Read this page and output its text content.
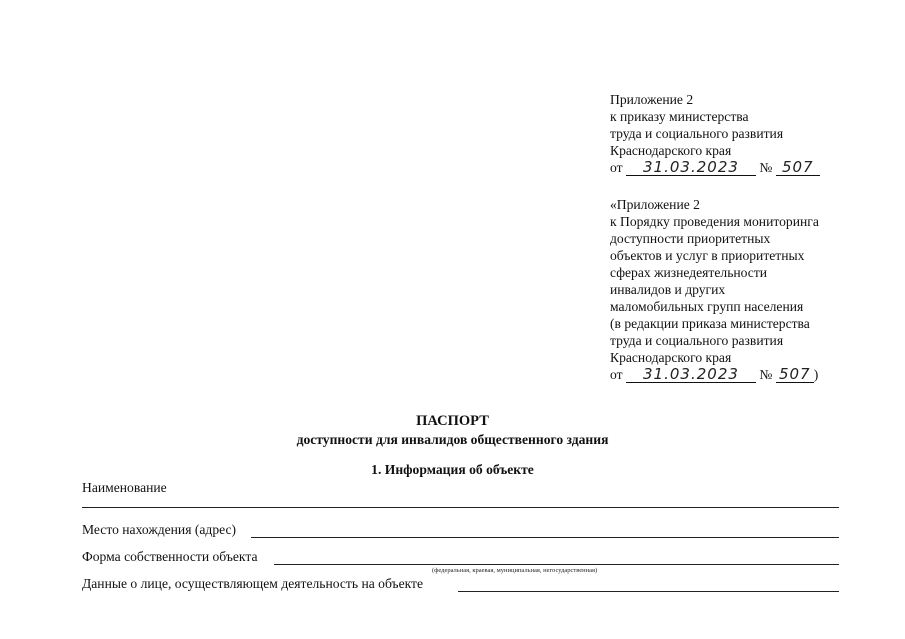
Приложение 2
к приказу министерства
труда и социального развития
Краснодарского края
от 31.03.2023 № 507
«Приложение 2
к Порядку проведения мониторинга
доступности приоритетных
объектов и услуг в приоритетных
сферах жизнедеятельности
инвалидов и других
маломобильных групп населения
(в редакции приказа министерства
труда и социального развития
Краснодарского края
от 31.03.2023 № 507 )
ПАСПОРТ
доступности для инвалидов общественного здания
1. Информация об объекте
Наименование
Место нахождения (адрес)
Форма собственности объекта
(федеральная, краевая, муниципальная, негосударственная)
Данные о лице, осуществляющем деятельность на объекте
